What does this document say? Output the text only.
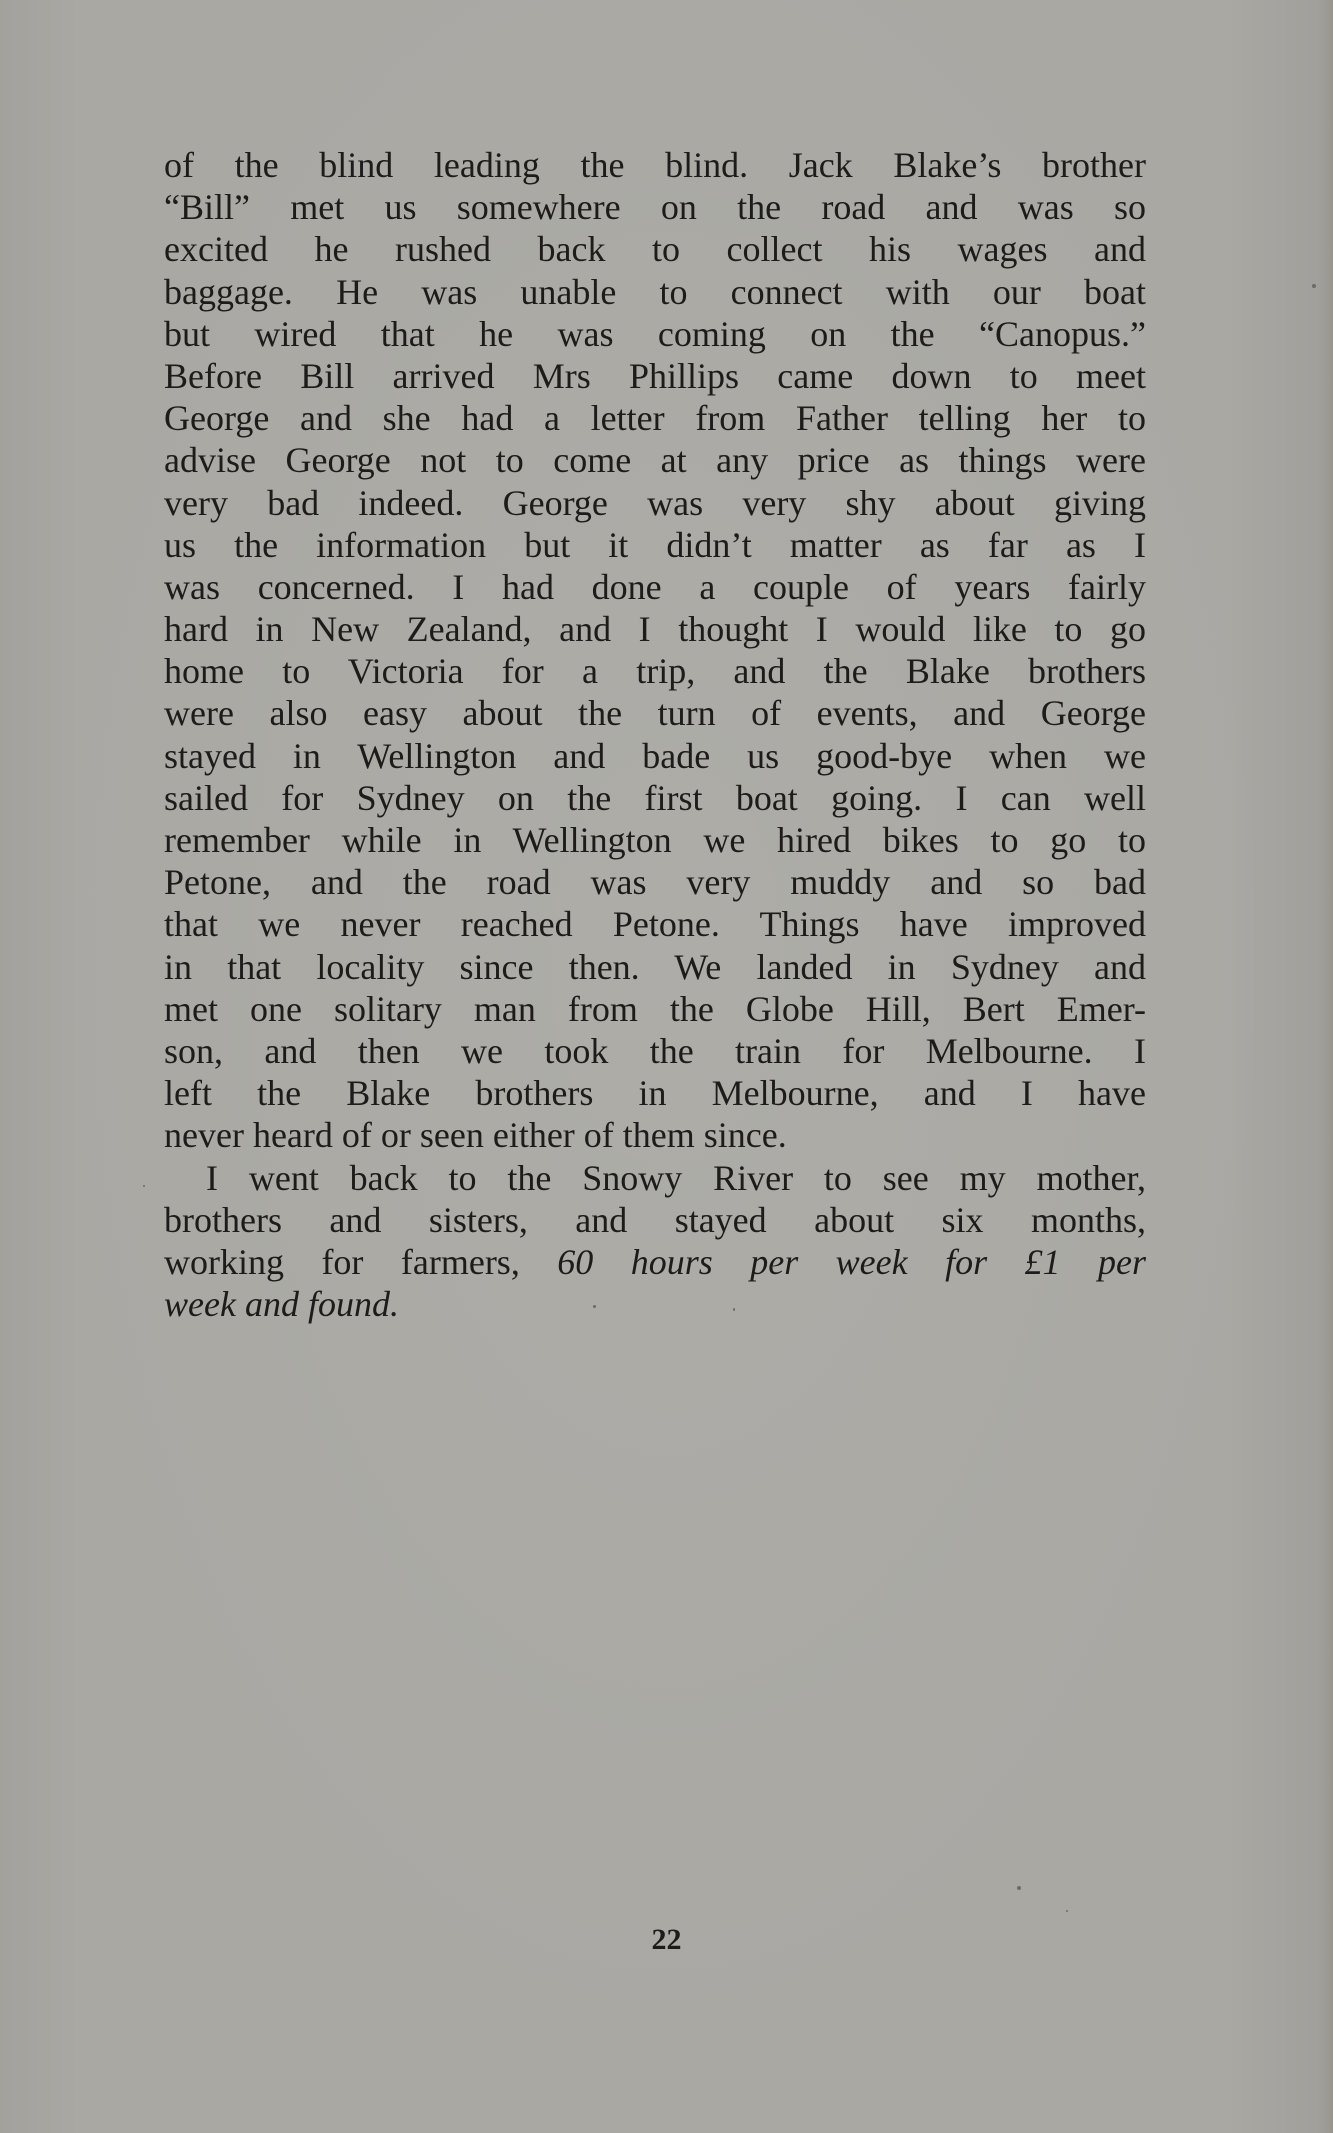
of the blind leading the blind. Jack Blake’s brother
“Bill” met us somewhere on the road and was so
excited he rushed back to collect his wages and
baggage. He was unable to connect with our boat
but wired that he was coming on the “Canopus.”
Before Bill arrived Mrs Phillips came down to meet
George and she had a letter from Father telling her to
advise George not to come at any price as things were
very bad indeed. George was very shy about giving
us the information but it didn’t matter as far as I
was concerned. I had done a couple of years fairly
hard in New Zealand, and I thought I would like to go
home to Victoria for a trip, and the Blake brothers
were also easy about the turn of events, and George
stayed in Wellington and bade us good-bye when we
sailed for Sydney on the first boat going. I can well
remember while in Wellington we hired bikes to go to
Petone, and the road was very muddy and so bad
that we never reached Petone. Things have improved
in that locality since then. We landed in Sydney and
met one solitary man from the Globe Hill, Bert Emer-
son, and then we took the train for Melbourne. I
left the Blake brothers in Melbourne, and I have
never heard of or seen either of them since.
I went back to the Snowy River to see my mother,
brothers and sisters, and stayed about six months,
working for farmers, 60 hours per week for £1 per
week and found.
22
